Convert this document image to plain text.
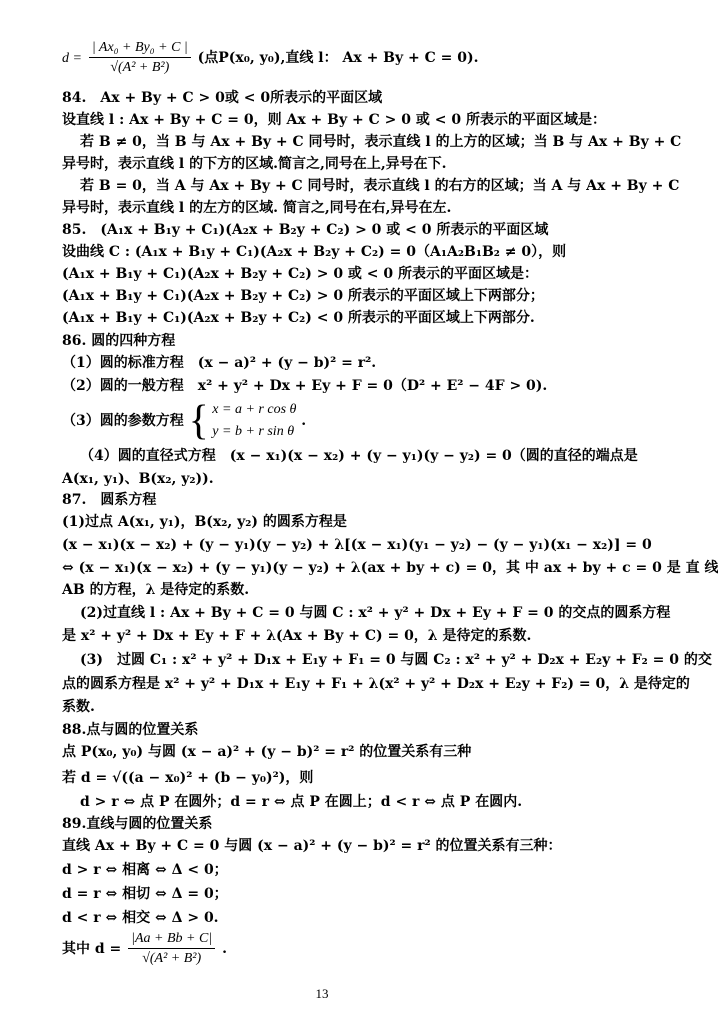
$d = \frac{\text{| Ax₀ + By₀ + C |}}{\text{√(A² + B²)}}$ (点P(x₀, y₀),直线 l： Ax + By + C = 0).
84.　Ax + By + C > 0或 < 0所表示的平面区域
设直线 l : Ax + By + C = 0，则 Ax + By + C > 0 或 < 0 所表示的平面区域是：
若 B ≠ 0，当 B 与 Ax + By + C 同号时，表示直线 l 的上方的区域；当 B 与 Ax + By + C
异号时，表示直线 l 的下方的区域.简言之,同号在上,异号在下.
若 B = 0，当 A 与 Ax + By + C 同号时，表示直线 l 的右方的区域；当 A 与 Ax + By + C
异号时，表示直线 l 的左方的区域. 简言之,同号在右,异号在左.
85.　(A₁x + B₁y + C₁)(A₂x + B₂y + C₂) > 0 或 < 0 所表示的平面区域
设曲线 C : (A₁x + B₁y + C₁)(A₂x + B₂y + C₂) = 0（A₁A₂B₁B₂ ≠ 0），则
(A₁x + B₁y + C₁)(A₂x + B₂y + C₂) > 0 或 < 0 所表示的平面区域是：
(A₁x + B₁y + C₁)(A₂x + B₂y + C₂) > 0 所表示的平面区域上下两部分；
(A₁x + B₁y + C₁)(A₂x + B₂y + C₂) < 0 所表示的平面区域上下两部分.
86. 圆的四种方程
（1）圆的标准方程　(x − a)² + (y − b)² = r².
（2）圆的一般方程　x² + y² + Dx + Ey + F = 0（D² + E² − 4F > 0).
（3）圆的参数方程 { x = a + r cos θ
y = b + r sin θ
.
（4）圆的直径式方程　(x − x₁)(x − x₂) + (y − y₁)(y − y₂) = 0（圆的直径的端点是
A(x₁, y₁)、B(x₂, y₂)).
87.　圆系方程
(1)过点 A(x₁, y₁)，B(x₂, y₂) 的圆系方程是
(x − x₁)(x − x₂) + (y − y₁)(y − y₂) + λ[(x − x₁)(y₁ − y₂) − (y − y₁)(x₁ − x₂)] = 0
⇔ (x − x₁)(x − x₂) + (y − y₁)(y − y₂) + λ(ax + by + c) = 0，其 中 ax + by + c = 0 是 直 线
AB 的方程，λ 是待定的系数.
(2)过直线 l : Ax + By + C = 0 与圆 C : x² + y² + Dx + Ey + F = 0 的交点的圆系方程
是 x² + y² + Dx + Ey + F + λ(Ax + By + C) = 0，λ 是待定的系数.
(3)　过圆 C₁ : x² + y² + D₁x + E₁y + F₁ = 0 与圆 C₂ : x² + y² + D₂x + E₂y + F₂ = 0 的交
点的圆系方程是 x² + y² + D₁x + E₁y + F₁ + λ(x² + y² + D₂x + E₂y + F₂) = 0，λ 是待定的
系数.
88.点与圆的位置关系
点 P(x₀, y₀) 与圆 (x − a)² + (y − b)² = r² 的位置关系有三种
若 d = √((a − x₀)² + (b − y₀)²)，则
d > r ⇔ 点 P 在圆外；d = r ⇔ 点 P 在圆上；d < r ⇔ 点 P 在圆内.
89.直线与圆的位置关系
直线 Ax + By + C = 0 与圆 (x − a)² + (y − b)² = r² 的位置关系有三种：
d > r ⇔ 相离 ⇔ Δ < 0；
d = r ⇔ 相切 ⇔ Δ = 0；
d < r ⇔ 相交 ⇔ Δ > 0.
其中 $d = \frac{|Aa + Bb + C|}{\text{√(A² + B²)}}$ .
13
